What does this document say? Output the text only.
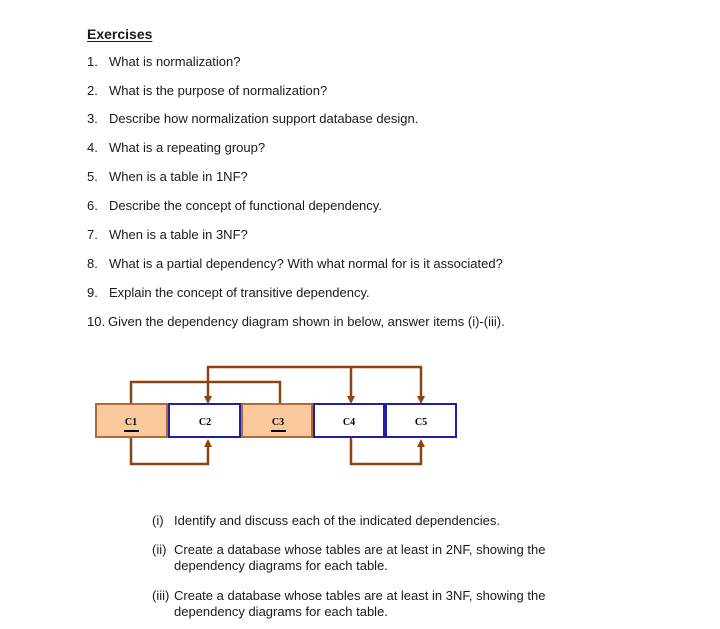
Exercises
1. What is normalization?
2. What is the purpose of normalization?
3. Describe how normalization support database design.
4. What is a repeating group?
5. When is a table in 1NF?
6. Describe the concept of functional dependency.
7. When is a table in 3NF?
8. What is a partial dependency? With what normal for is it associated?
9. Explain the concept of transitive dependency.
10. Given the dependency diagram shown in below, answer items (i)-(iii).
C1	C2	C3	C4	C5
(i) Identify and discuss each of the indicated dependencies.
(ii) Create a database whose tables are at least in 2NF, showing the dependency diagrams for each table.
(iii) Create a database whose tables are at least in 3NF, showing the dependency diagrams for each table.
